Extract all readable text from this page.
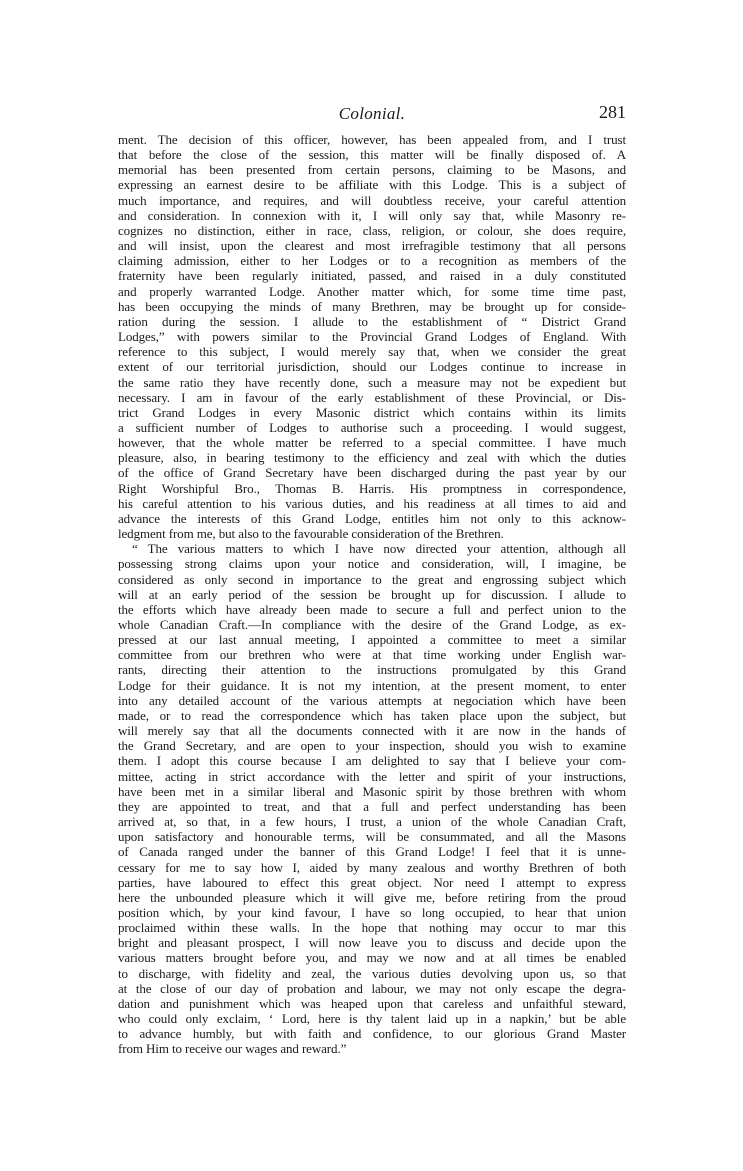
Colonial.	281
ment. The decision of this officer, however, has been appealed from, and I trust
that before the close of the session, this matter will be finally disposed of. A
memorial has been presented from certain persons, claiming to be Masons, and
expressing an earnest desire to be affiliate with this Lodge. This is a subject of
much importance, and requires, and will doubtless receive, your careful attention
and consideration. In connexion with it, I will only say that, while Masonry re-
cognizes no distinction, either in race, class, religion, or colour, she does require,
and will insist, upon the clearest and most irrefragible testimony that all persons
claiming admission, either to her Lodges or to a recognition as members of the
fraternity have been regularly initiated, passed, and raised in a duly constituted
and properly warranted Lodge. Another matter which, for some time time past,
has been occupying the minds of many Brethren, may be brought up for conside-
ration during the session. I allude to the establishment of “ District Grand
Lodges,” with powers similar to the Provincial Grand Lodges of England. With
reference to this subject, I would merely say that, when we consider the great
extent of our territorial jurisdiction, should our Lodges continue to increase in
the same ratio they have recently done, such a measure may not be expedient but
necessary. I am in favour of the early establishment of these Provincial, or Dis-
trict Grand Lodges in every Masonic district which contains within its limits
a sufficient number of Lodges to authorise such a proceeding. I would suggest,
however, that the whole matter be referred to a special committee. I have much
pleasure, also, in bearing testimony to the efficiency and zeal with which the duties
of the office of Grand Secretary have been discharged during the past year by our
Right Worshipful Bro., Thomas B. Harris. His promptness in correspondence,
his careful attention to his various duties, and his readiness at all times to aid and
advance the interests of this Grand Lodge, entitles him not only to this acknow-
ledgment from me, but also to the favourable consideration of the Brethren.
“ The various matters to which I have now directed your attention, although all
possessing strong claims upon your notice and consideration, will, I imagine, be
considered as only second in importance to the great and engrossing subject which
will at an early period of the session be brought up for discussion. I allude to
the efforts which have already been made to secure a full and perfect union to the
whole Canadian Craft.—In compliance with the desire of the Grand Lodge, as ex-
pressed at our last annual meeting, I appointed a committee to meet a similar
committee from our brethren who were at that time working under English war-
rants, directing their attention to the instructions promulgated by this Grand
Lodge for their guidance. It is not my intention, at the present moment, to enter
into any detailed account of the various attempts at negociation which have been
made, or to read the correspondence which has taken place upon the subject, but
will merely say that all the documents connected with it are now in the hands of
the Grand Secretary, and are open to your inspection, should you wish to examine
them. I adopt this course because I am delighted to say that I believe your com-
mittee, acting in strict accordance with the letter and spirit of your instructions,
have been met in a similar liberal and Masonic spirit by those brethren with whom
they are appointed to treat, and that a full and perfect understanding has been
arrived at, so that, in a few hours, I trust, a union of the whole Canadian Craft,
upon satisfactory and honourable terms, will be consummated, and all the Masons
of Canada ranged under the banner of this Grand Lodge! I feel that it is unne-
cessary for me to say how I, aided by many zealous and worthy Brethren of both
parties, have laboured to effect this great object. Nor need I attempt to express
here the unbounded pleasure which it will give me, before retiring from the proud
position which, by your kind favour, I have so long occupied, to hear that union
proclaimed within these walls. In the hope that nothing may occur to mar this
bright and pleasant prospect, I will now leave you to discuss and decide upon the
various matters brought before you, and may we now and at all times be enabled
to discharge, with fidelity and zeal, the various duties devolving upon us, so that
at the close of our day of probation and labour, we may not only escape the degra-
dation and punishment which was heaped upon that careless and unfaithful steward,
who could only exclaim, ‘ Lord, here is thy talent laid up in a napkin,’ but be able
to advance humbly, but with faith and confidence, to our glorious Grand Master
from Him to receive our wages and reward.”
